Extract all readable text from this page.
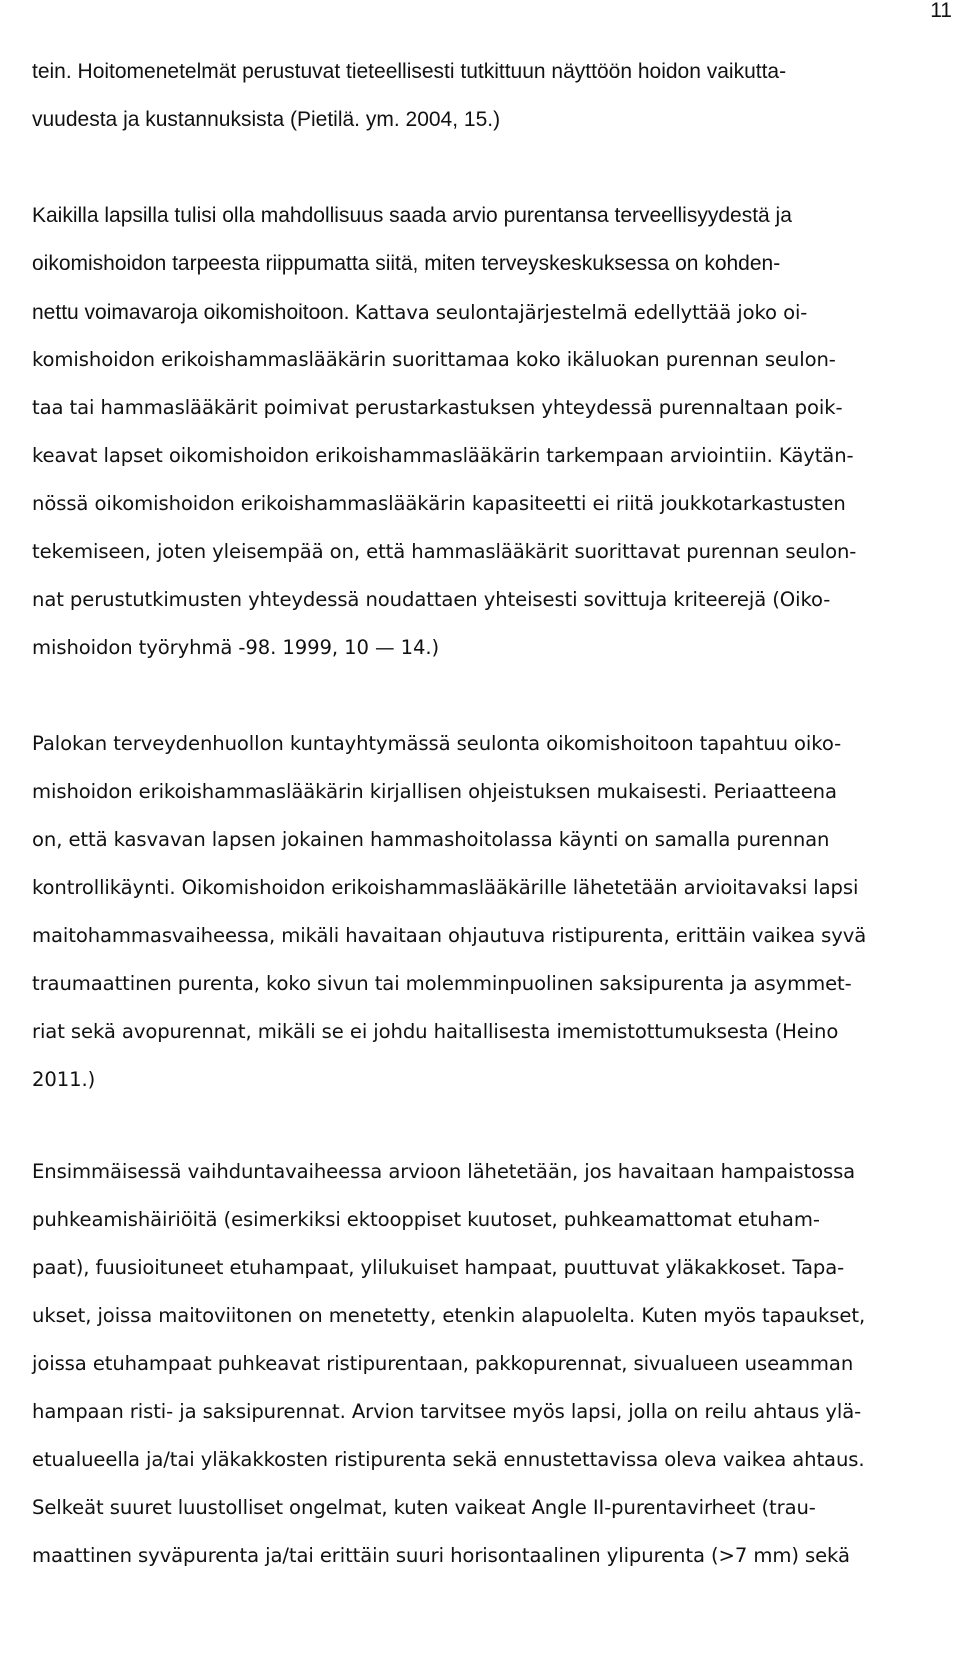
11
tein. Hoitomenetelmät perustuvat tieteellisesti tutkittuun näyttöön hoidon vaikutta-
vuudesta ja kustannuksista (Pietilä. ym. 2004, 15.)
Kaikilla lapsilla tulisi olla mahdollisuus saada arvio purentansa terveellisyydestä ja
oikomishoidon tarpeesta riippumatta siitä, miten terveyskeskuksessa on kohden-
nettu voimavaroja oikomishoitoon. Kattava seulontajärjestelmä edellyttää joko oi-
komishoidon erikoishammaslääkärin suorittamaa koko ikäluokan purennan seulon-
taa tai hammaslääkärit poimivat perustarkastuksen yhteydessä purennaltaan poik-
keavat lapset oikomishoidon erikoishammaslääkärin tarkempaan arviointiin. Käytän-
nössä oikomishoidon erikoishammaslääkärin kapasiteetti ei riitä joukkotarkastusten
tekemiseen, joten yleisempää on, että hammaslääkärit suorittavat purennan seulon-
nat perustutkimusten yhteydessä noudattaen yhteisesti sovittuja kriteerejä (Oiko-
mishoidon työryhmä -98. 1999, 10 — 14.)
Palokan terveydenhuollon kuntayhtymässä seulonta oikomishoitoon tapahtuu oiko-
mishoidon erikoishammaslääkärin kirjallisen ohjeistuksen mukaisesti. Periaatteena
on, että kasvavan lapsen jokainen hammashoitolassa käynti on samalla purennan
kontrollikäynti. Oikomishoidon erikoishammaslääkärille lähetetään arvioitavaksi lapsi
maitohammasvaiheessa, mikäli havaitaan ohjautuva ristipurenta, erittäin vaikea syvä
traumaattinen purenta, koko sivun tai molemminpuolinen saksipurenta ja asymmet-
riat sekä avopurennat, mikäli se ei johdu haitallisesta imemistottumuksesta (Heino
2011.)
Ensimmäisessä vaihduntavaiheessa arvioon lähetetään, jos havaitaan hampaistossa
puhkeamishäiriöitä (esimerkiksi ektooppiset kuutoset, puhkeamattomat etuham-
paat), fuusioituneet etuhampaat, ylilukuiset hampaat, puuttuvat yläkakkoset. Tapa-
ukset, joissa maitoviitonen on menetetty, etenkin alapuolelta. Kuten myös tapaukset,
joissa etuhampaat puhkeavat ristipurentaan, pakkopurennat, sivualueen useamman
hampaan risti- ja saksipurennat. Arvion tarvitsee myös lapsi, jolla on reilu ahtaus ylä-
etualueella ja/tai yläkakkosten ristipurenta sekä ennustettavissa oleva vaikea ahtaus.
Selkeät suuret luustolliset ongelmat, kuten vaikeat Angle II-purentavirheet (trau-
maattinen syväpurenta ja/tai erittäin suuri horisontaalinen ylipurenta (>7 mm) sekä
